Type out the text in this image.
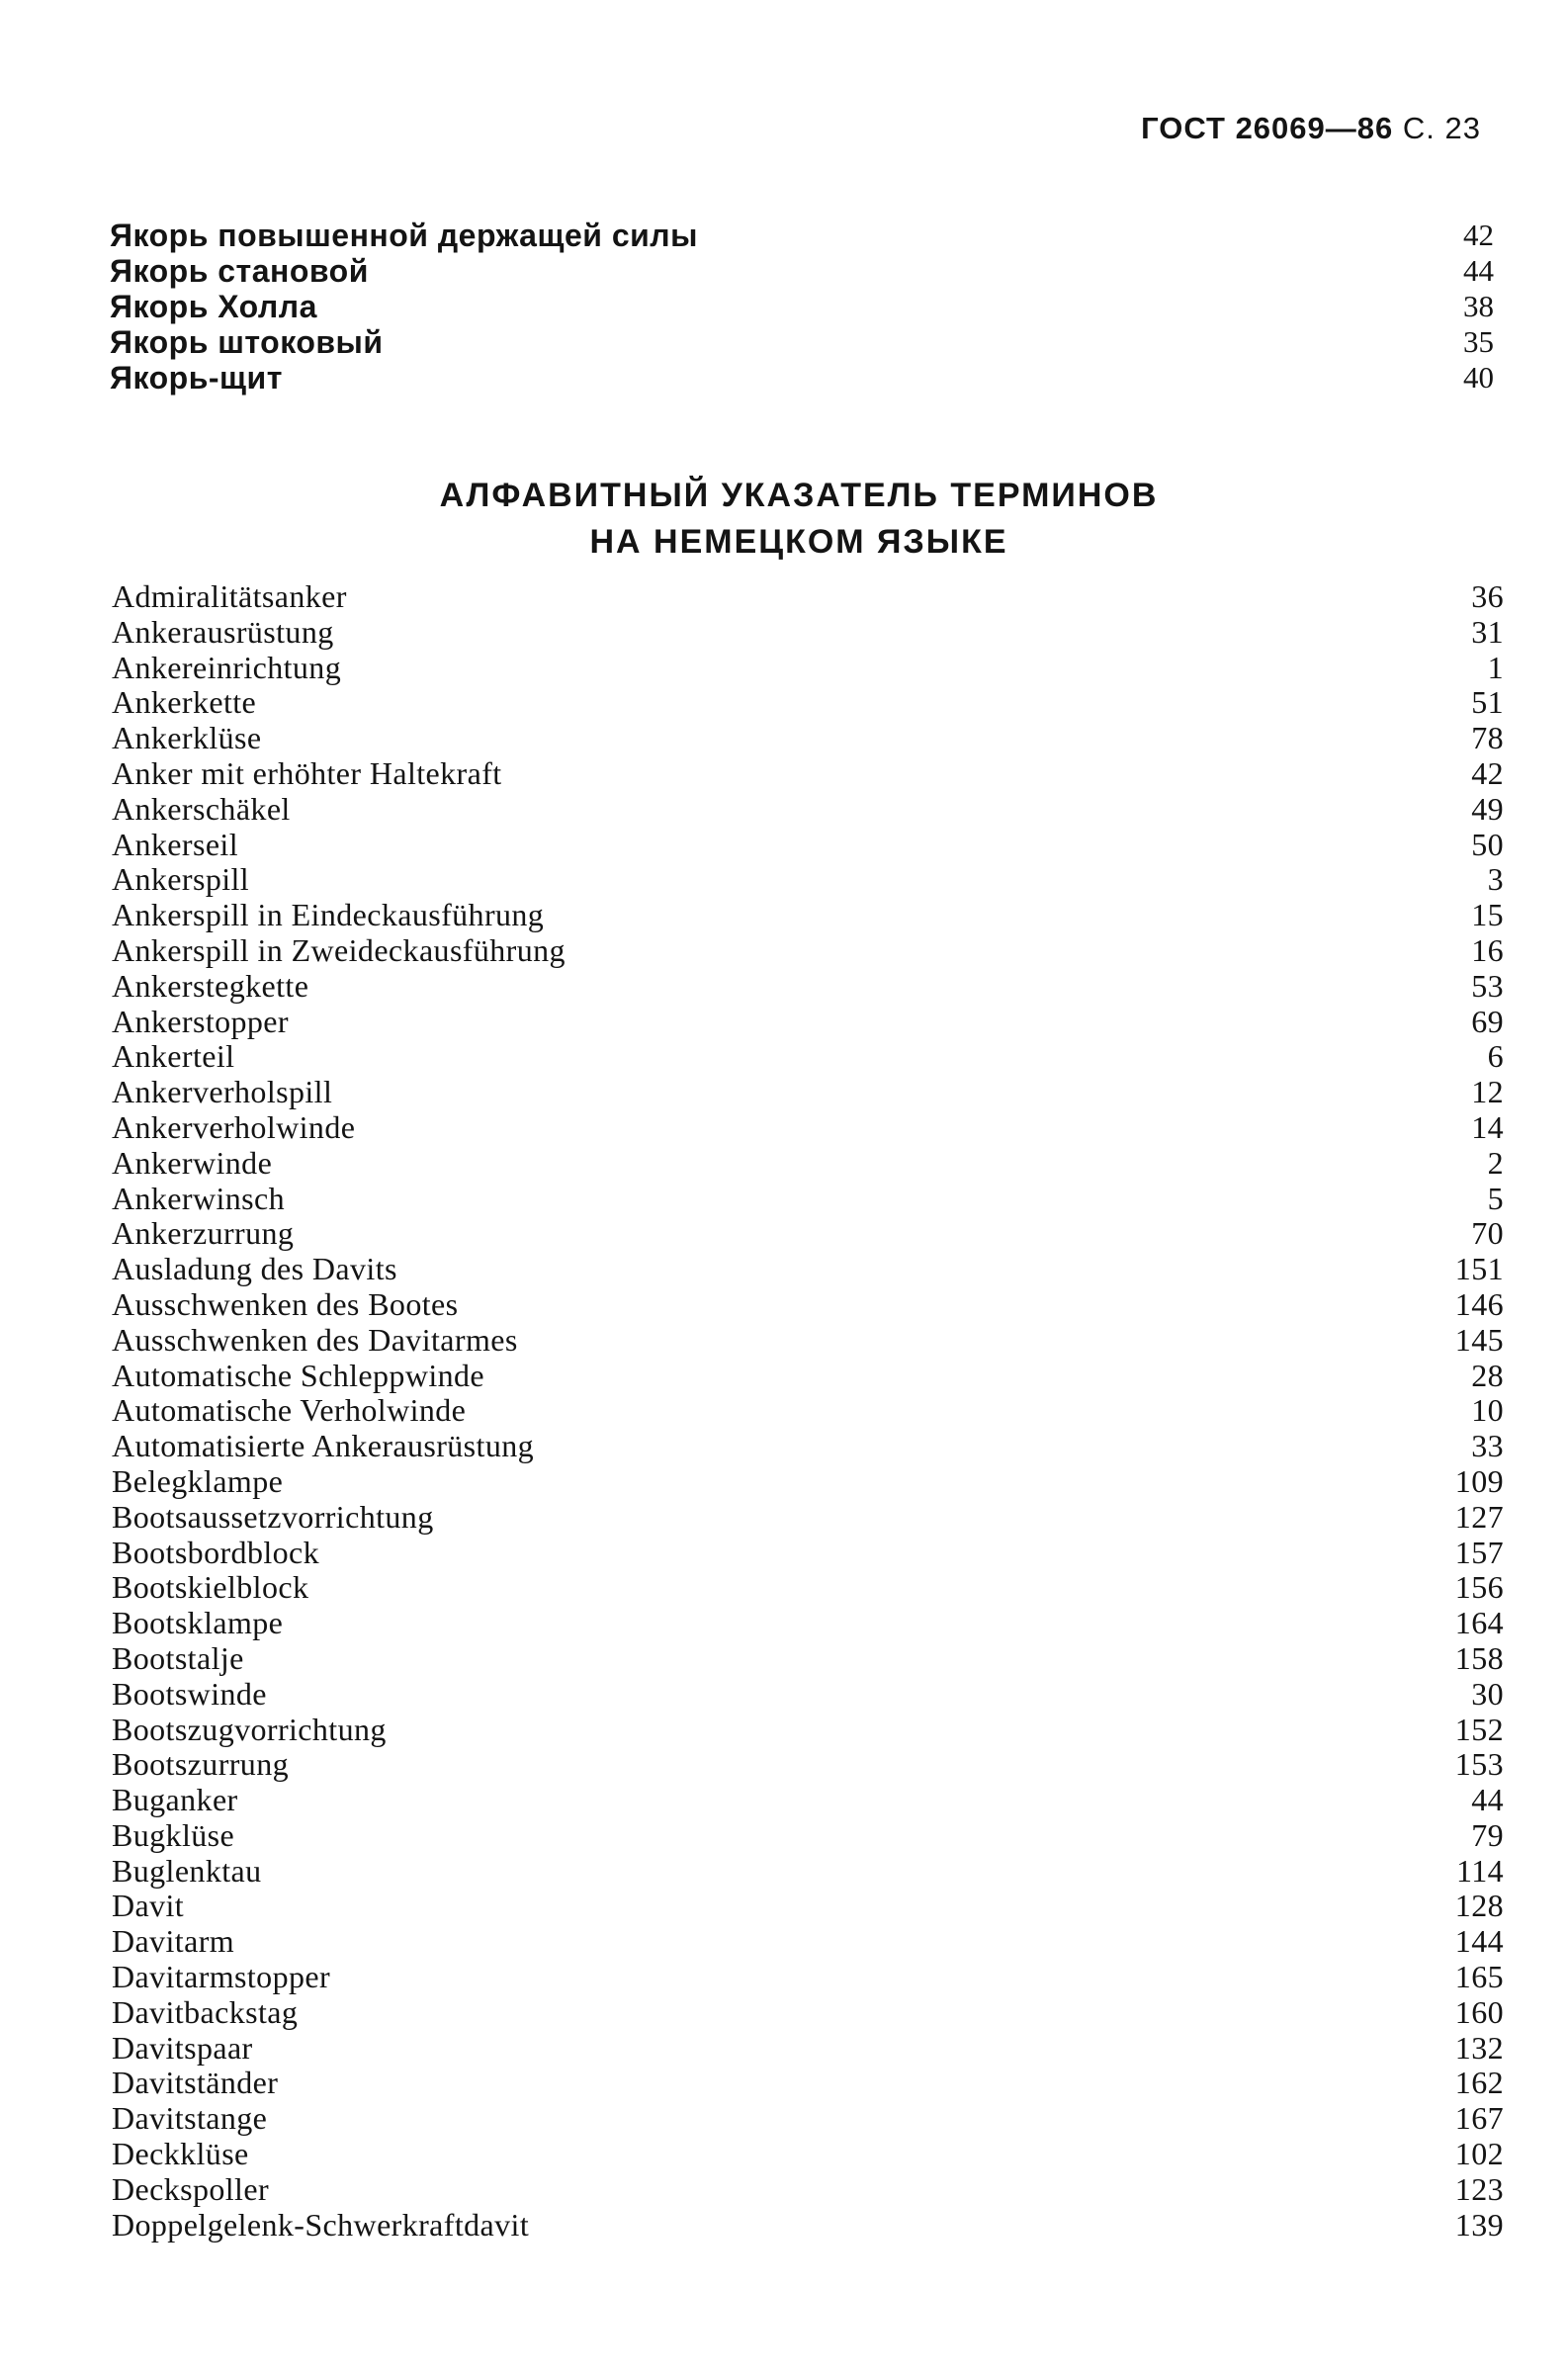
ГОСТ 26069—86 С. 23
Якорь повышенной держащей силы	42
Якорь становой	44
Якорь Холла	38
Якорь штоковый	35
Якорь-щит	40
АЛФАВИТНЫЙ УКАЗАТЕЛЬ ТЕРМИНОВ
НА НЕМЕЦКОМ ЯЗЫКЕ
Admiralitätsanker	36
Ankerausrüstung	31
Ankereinrichtung	1
Ankerkette	51
Ankerklüse	78
Anker mit erhöhter Haltekraft	42
Ankerschäkel	49
Ankerseil	50
Ankerspill	3
Ankerspill in Eindeckausführung	15
Ankerspill in Zweideckausführung	16
Ankerstegkette	53
Ankerstopper	69
Ankerteil	6
Ankerverholspill	12
Ankerverholwinde	14
Ankerwinde	2
Ankerwinsch	5
Ankerzurrung	70
Ausladung des Davits	151
Ausschwenken des Bootes	146
Ausschwenken des Davitarmes	145
Automatische Schleppwinde	28
Automatische Verholwinde	10
Automatisierte Ankerausrüstung	33
Belegklampe	109
Bootsaussetzvorrichtung	127
Bootsbordblock	157
Bootskielblock	156
Bootsklampe	164
Bootstalje	158
Bootswinde	30
Bootszugvorrichtung	152
Bootszurrung	153
Buganker	44
Bugklüse	79
Buglenktau	114
Davit	128
Davitarm	144
Davitarmstopper	165
Davitbackstag	160
Davitspaar	132
Davitständer	162
Davitstange	167
Deckklüse	102
Deckspoller	123
Doppelgelenk-Schwerkraftdavit	139
